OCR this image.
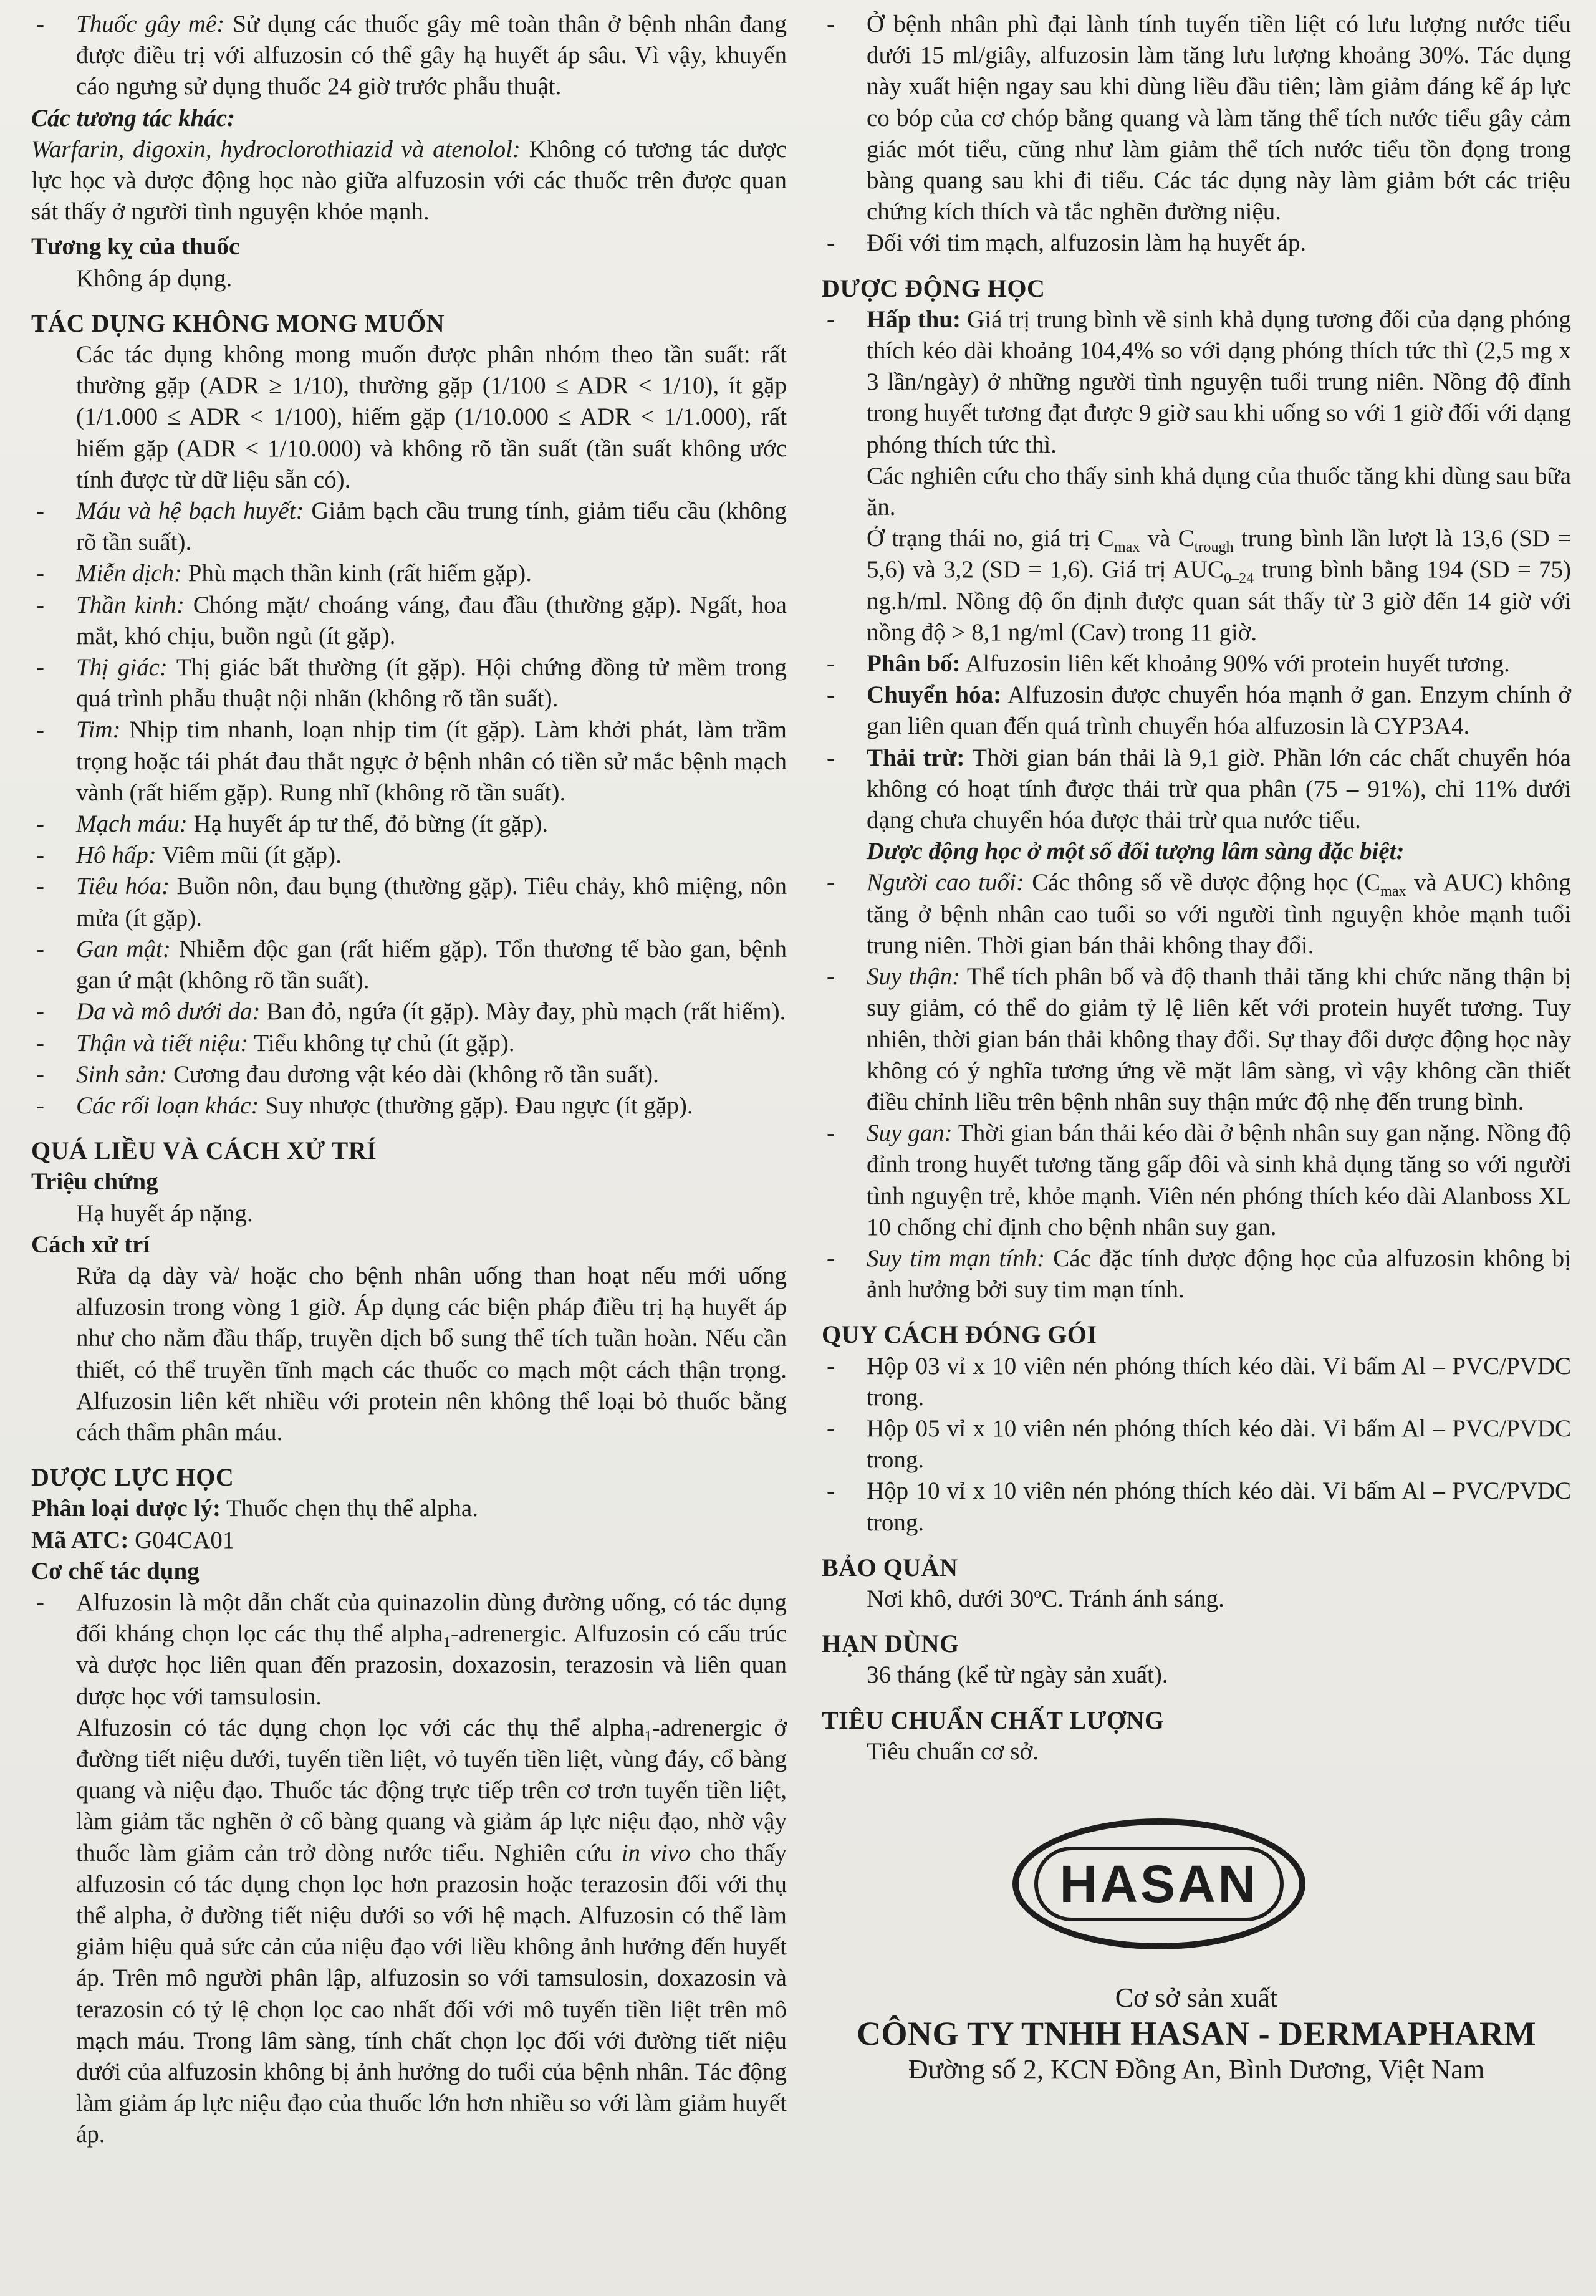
- Thuốc gây mê: Sử dụng các thuốc gây mê toàn thân ở bệnh nhân đang được điều trị với alfuzosin có thể gây hạ huyết áp sâu. Vì vậy, khuyến cáo ngưng sử dụng thuốc 24 giờ trước phẫu thuật.

Các tương tác khác:

Warfarin, digoxin, hydroclorothiazid và atenolol: Không có tương tác dược lực học và dược động học nào giữa alfuzosin với các thuốc trên được quan sát thấy ở người tình nguyện khỏe mạnh.

Tương kỵ của thuốc
Không áp dụng.
TÁC DỤNG KHÔNG MONG MUỐN

Các tác dụng không mong muốn được phân nhóm theo tần suất: rất thường gặp (ADR ≥ 1/10), thường gặp (1/100 ≤ ADR < 1/10), ít gặp (1/1.000 ≤ ADR < 1/100), hiếm gặp (1/10.000 ≤ ADR < 1/1.000), rất hiếm gặp (ADR < 1/10.000) và không rõ tần suất (tần suất không ước tính được từ dữ liệu sẵn có).

- Máu và hệ bạch huyết: Giảm bạch cầu trung tính, giảm tiểu cầu (không rõ tần suất).

- Miễn dịch: Phù mạch thần kinh (rất hiếm gặp).

- Thần kinh: Chóng mặt/ choáng váng, đau đầu (thường gặp). Ngất, hoa mắt, khó chịu, buồn ngủ (ít gặp).

- Thị giác: Thị giác bất thường (ít gặp). Hội chứng đồng tử mềm trong quá trình phẫu thuật nội nhãn (không rõ tần suất).

- Tim: Nhịp tim nhanh, loạn nhịp tim (ít gặp). Làm khởi phát, làm trầm trọng hoặc tái phát đau thắt ngực ở bệnh nhân có tiền sử mắc bệnh mạch vành (rất hiếm gặp). Rung nhĩ (không rõ tần suất).

- Mạch máu: Hạ huyết áp tư thế, đỏ bừng (ít gặp).

- Hô hấp: Viêm mũi (ít gặp).

- Tiêu hóa: Buồn nôn, đau bụng (thường gặp). Tiêu chảy, khô miệng, nôn mửa (ít gặp).

- Gan mật: Nhiễm độc gan (rất hiếm gặp). Tổn thương tế bào gan, bệnh gan ứ mật (không rõ tần suất).

- Da và mô dưới da: Ban đỏ, ngứa (ít gặp). Mày đay, phù mạch (rất hiếm).

- Thận và tiết niệu: Tiểu không tự chủ (ít gặp).

- Sinh sản: Cương đau dương vật kéo dài (không rõ tần suất).

- Các rối loạn khác: Suy nhược (thường gặp). Đau ngực (ít gặp).

QUÁ LIỀU VÀ CÁCH XỬ TRÍ
Triệu chứng
Hạ huyết áp nặng.
Cách xử trí

Rửa dạ dày và/ hoặc cho bệnh nhân uống than hoạt nếu mới uống alfuzosin trong vòng 1 giờ. Áp dụng các biện pháp điều trị hạ huyết áp như cho nằm đầu thấp, truyền dịch bổ sung thể tích tuần hoàn. Nếu cần thiết, có thể truyền tĩnh mạch các thuốc co mạch một cách thận trọng. Alfuzosin liên kết nhiều với protein nên không thể loại bỏ thuốc bằng cách thẩm phân máu.

DƯỢC LỰC HỌC
Phân loại dược lý: Thuốc chẹn thụ thể alpha.
Mã ATC: G04CA01
Cơ chế tác dụng

- Alfuzosin là một dẫn chất của quinazolin dùng đường uống, có tác dụng đối kháng chọn lọc các thụ thể alpha$_1$-adrenergic. Alfuzosin có cấu trúc và dược học liên quan đến prazosin, doxazosin, terazosin và liên quan dược học với tamsulosin.

Alfuzosin có tác dụng chọn lọc với các thụ thể alpha$_1$-adrenergic ở đường tiết niệu dưới, tuyến tiền liệt, vỏ tuyến tiền liệt, vùng đáy, cổ bàng quang và niệu đạo. Thuốc tác động trực tiếp trên cơ trơn tuyến tiền liệt, làm giảm tắc nghẽn ở cổ bàng quang và giảm áp lực niệu đạo, nhờ vậy thuốc làm giảm cản trở dòng nước tiểu. Nghiên cứu in vivo cho thấy alfuzosin có tác dụng chọn lọc hơn prazosin hoặc terazosin đối với thụ thể alpha, ở đường tiết niệu dưới so với hệ mạch. Alfuzosin có thể làm giảm hiệu quả sức cản của niệu đạo với liều không ảnh hưởng đến huyết áp. Trên mô người phân lập, alfuzosin so với tamsulosin, doxazosin và terazosin có tỷ lệ chọn lọc cao nhất đối với mô tuyến tiền liệt trên mô mạch máu. Trong lâm sàng, tính chất chọn lọc đối với đường tiết niệu dưới của alfuzosin không bị ảnh hưởng do tuổi của bệnh nhân. Tác động làm giảm áp lực niệu đạo của thuốc lớn hơn nhiều so với làm giảm huyết áp.

- Ở bệnh nhân phì đại lành tính tuyến tiền liệt có lưu lượng nước tiểu dưới 15 ml/giây, alfuzosin làm tăng lưu lượng khoảng 30%. Tác dụng này xuất hiện ngay sau khi dùng liều đầu tiên; làm giảm đáng kể áp lực co bóp của cơ chóp bằng quang và làm tăng thể tích nước tiểu gây cảm giác mót tiểu, cũng như làm giảm thể tích nước tiểu tồn đọng trong bàng quang sau khi đi tiểu. Các tác dụng này làm giảm bớt các triệu chứng kích thích và tắc nghẽn đường niệu.

- Đối với tim mạch, alfuzosin làm hạ huyết áp.

DƯỢC ĐỘNG HỌC

- Hấp thu: Giá trị trung bình về sinh khả dụng tương đối của dạng phóng thích kéo dài khoảng 104,4% so với dạng phóng thích tức thì (2,5 mg x 3 lần/ngày) ở những người tình nguyện tuổi trung niên. Nồng độ đỉnh trong huyết tương đạt được 9 giờ sau khi uống so với 1 giờ đối với dạng phóng thích tức thì.

Các nghiên cứu cho thấy sinh khả dụng của thuốc tăng khi dùng sau bữa ăn.

Ở trạng thái no, giá trị $C_{max}$ và $C_{trough}$ trung bình lần lượt là 13,6 (SD = 5,6) và 3,2 (SD = 1,6). Giá trị $AUC_{0-24}$ trung bình bằng 194 (SD = 75) ng.h/ml. Nồng độ ổn định được quan sát thấy từ 3 giờ đến 14 giờ với nồng độ > 8,1 ng/ml (Cav) trong 11 giờ.

- Phân bố: Alfuzosin liên kết khoảng 90% với protein huyết tương.

- Chuyển hóa: Alfuzosin được chuyển hóa mạnh ở gan. Enzym chính ở gan liên quan đến quá trình chuyển hóa alfuzosin là CYP3A4.

- Thải trừ: Thời gian bán thải là 9,1 giờ. Phần lớn các chất chuyển hóa không có hoạt tính được thải trừ qua phân (75 – 91%), chỉ 11% dưới dạng chưa chuyển hóa được thải trừ qua nước tiểu.

Dược động học ở một số đối tượng lâm sàng đặc biệt:

- Người cao tuổi: Các thông số về dược động học ($C_{max}$ và AUC) không tăng ở bệnh nhân cao tuổi so với người tình nguyện khỏe mạnh tuổi trung niên. Thời gian bán thải không thay đổi.

- Suy thận: Thể tích phân bố và độ thanh thải tăng khi chức năng thận bị suy giảm, có thể do giảm tỷ lệ liên kết với protein huyết tương. Tuy nhiên, thời gian bán thải không thay đổi. Sự thay đổi dược động học này không có ý nghĩa tương ứng về mặt lâm sàng, vì vậy không cần thiết điều chỉnh liều trên bệnh nhân suy thận mức độ nhẹ đến trung bình.

- Suy gan: Thời gian bán thải kéo dài ở bệnh nhân suy gan nặng. Nồng độ đỉnh trong huyết tương tăng gấp đôi và sinh khả dụng tăng so với người tình nguyện trẻ, khỏe mạnh. Viên nén phóng thích kéo dài Alanboss XL 10 chống chỉ định cho bệnh nhân suy gan.

- Suy tim mạn tính: Các đặc tính dược động học của alfuzosin không bị ảnh hưởng bởi suy tim mạn tính.

QUY CÁCH ĐÓNG GÓI

- Hộp 03 vỉ x 10 viên nén phóng thích kéo dài. Vỉ bấm Al – PVC/PVDC trong.

- Hộp 05 vỉ x 10 viên nén phóng thích kéo dài. Vỉ bấm Al – PVC/PVDC trong.

- Hộp 10 vỉ x 10 viên nén phóng thích kéo dài. Vỉ bấm Al – PVC/PVDC trong.

BẢO QUẢN
Nơi khô, dưới 30$^o$C. Tránh ánh sáng.
HẠN DÙNG
36 tháng (kể từ ngày sản xuất).
TIÊU CHUẨN CHẤT LƯỢNG
Tiêu chuẩn cơ sở.
HASAN
Cơ sở sản xuất
CÔNG TY TNHH HASAN - DERMAPHARM
Đường số 2, KCN Đồng An, Bình Dương, Việt Nam
